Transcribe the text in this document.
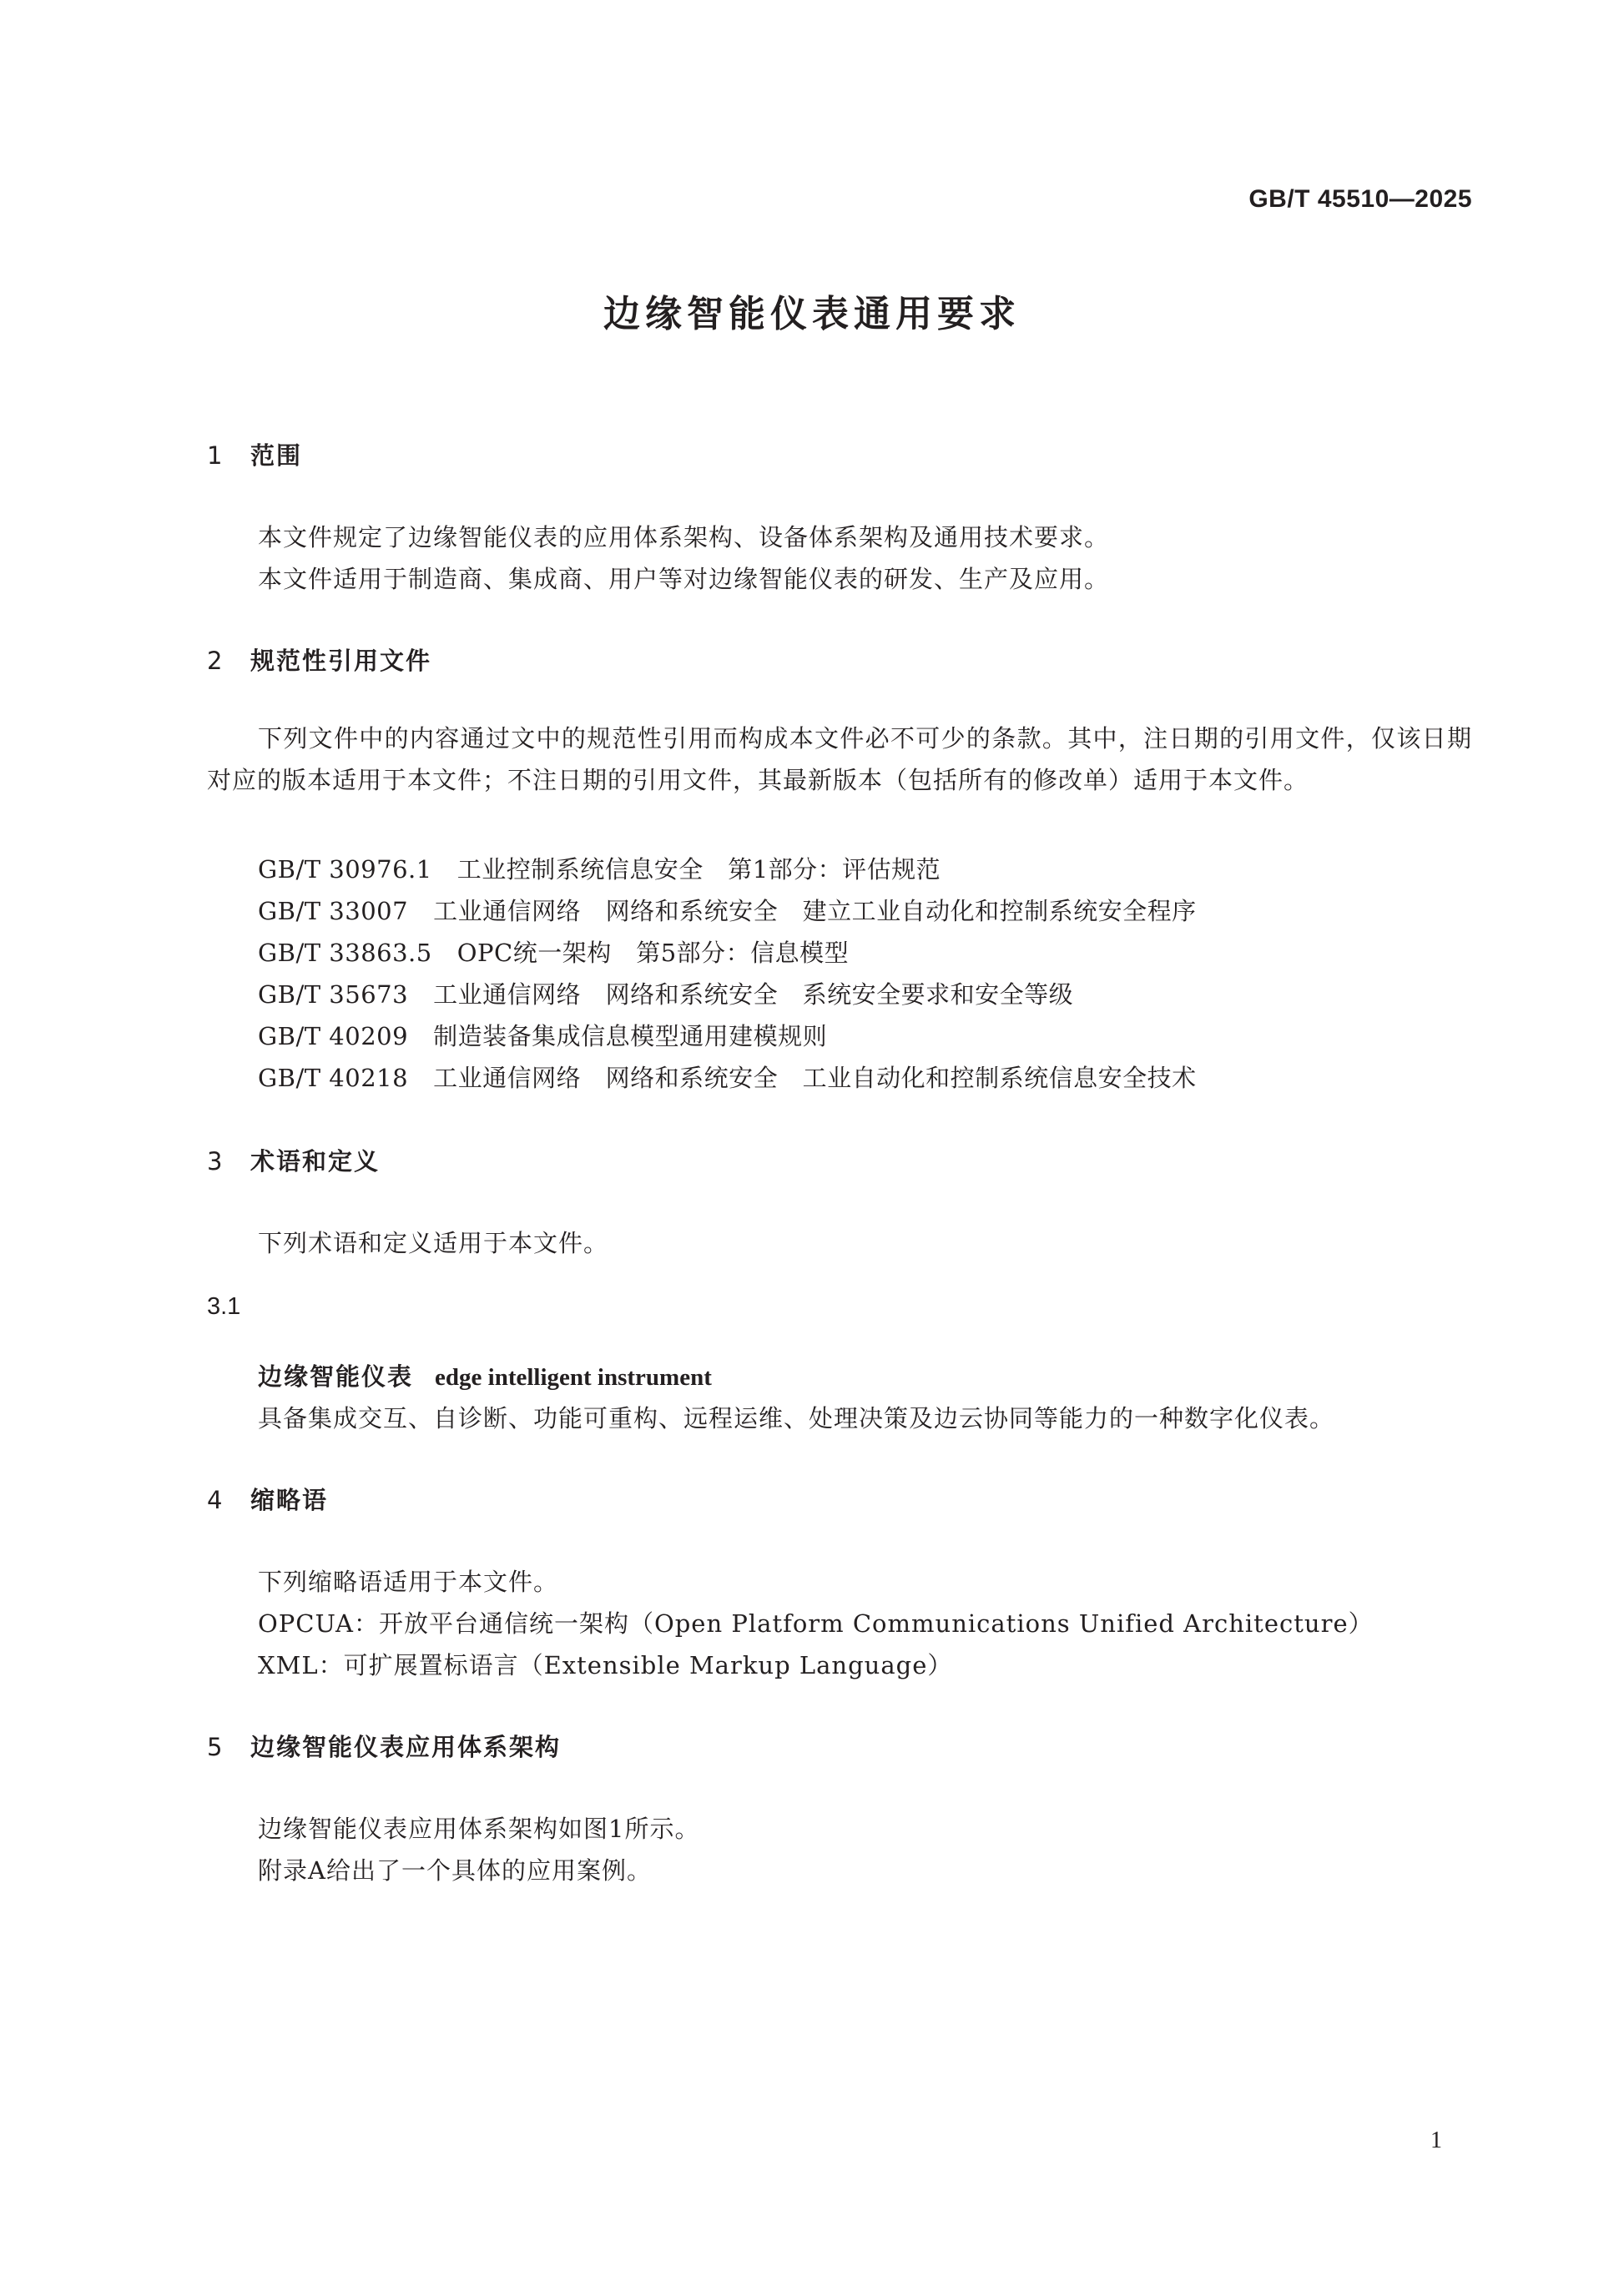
GB/T 45510—2025
边缘智能仪表通用要求
1 范围
本文件规定了边缘智能仪表的应用体系架构、设备体系架构及通用技术要求。
本文件适用于制造商、集成商、用户等对边缘智能仪表的研发、生产及应用。
2 规范性引用文件
下列文件中的内容通过文中的规范性引用而构成本文件必不可少的条款。其中，注日期的引用文件，仅该日期对应的版本适用于本文件；不注日期的引用文件，其最新版本（包括所有的修改单）适用于本文件。
GB/T 30976.1 工业控制系统信息安全　第1部分：评估规范
GB/T 33007 工业通信网络　网络和系统安全　建立工业自动化和控制系统安全程序
GB/T 33863.5 OPC统一架构　第5部分：信息模型
GB/T 35673 工业通信网络　网络和系统安全　系统安全要求和安全等级
GB/T 40209 制造装备集成信息模型通用建模规则
GB/T 40218 工业通信网络　网络和系统安全　工业自动化和控制系统信息安全技术
3 术语和定义
下列术语和定义适用于本文件。
3.1
边缘智能仪表 edge intelligent instrument
具备集成交互、自诊断、功能可重构、远程运维、处理决策及边云协同等能力的一种数字化仪表。
4 缩略语
下列缩略语适用于本文件。
OPCUA：开放平台通信统一架构（Open Platform Communications Unified Architecture）
XML：可扩展置标语言（Extensible Markup Language）
5 边缘智能仪表应用体系架构
边缘智能仪表应用体系架构如图1所示。
附录A给出了一个具体的应用案例。
1
